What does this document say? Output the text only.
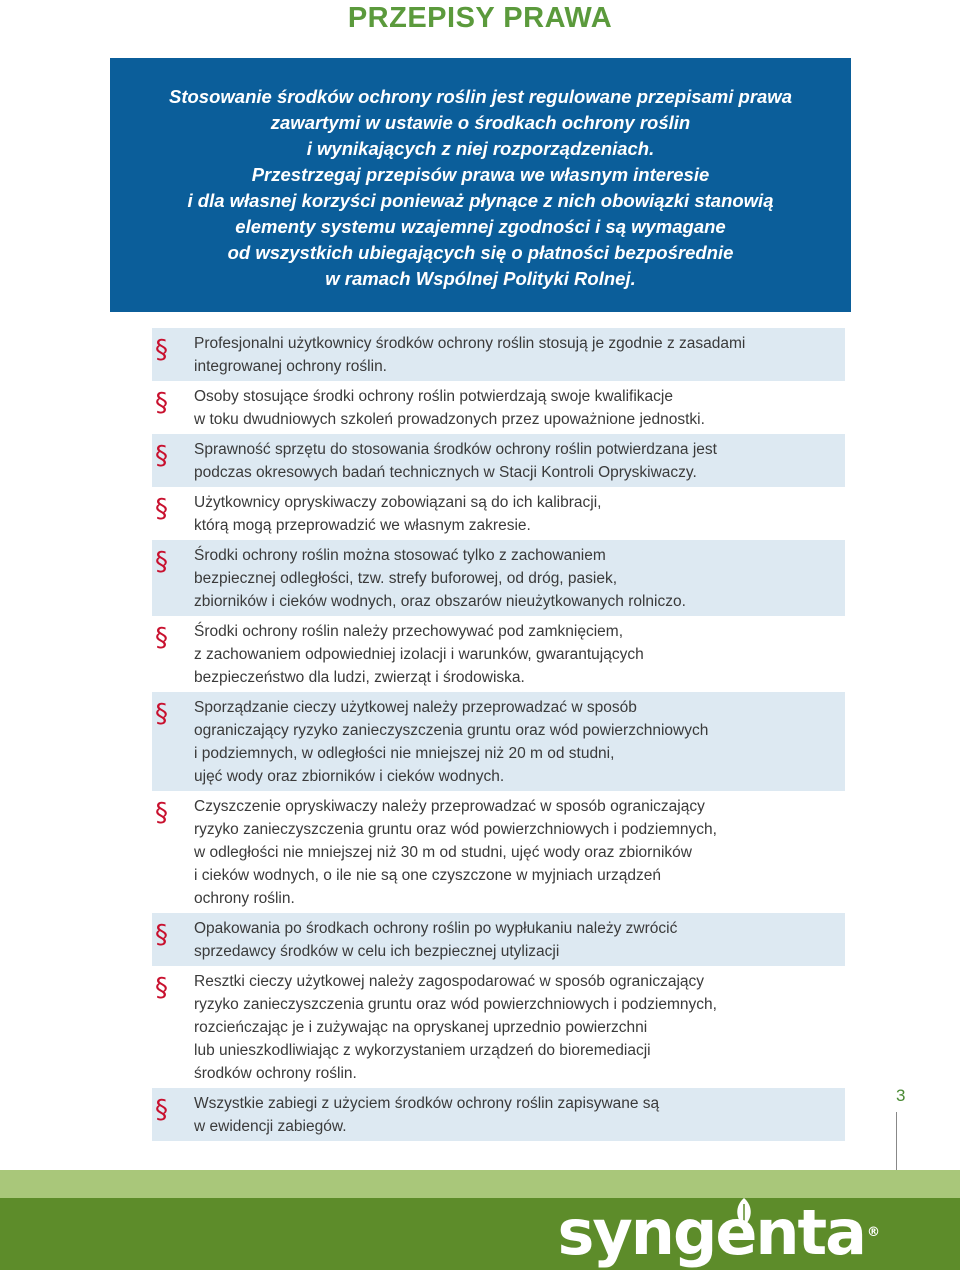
PRZEPISY PRAWA

Stosowanie środków ochrony roślin jest regulowane przepisami prawa

zawartymi w ustawie o środkach ochrony roślin

i wynikających z niej rozporządzeniach.

Przestrzegaj przepisów prawa we własnym interesie

i dla własnej korzyści ponieważ płynące z nich obowiązki stanowią

elementy systemu wzajemnej zgodności i są wymagane

od wszystkich ubiegających się o płatności bezpośrednie

w ramach Wspólnej Polityki Rolnej.

§ Profesjonalni użytkownicy środków ochrony roślin stosują je zgodnie z zasadami
integrowanej ochrony roślin.
§ Osoby stosujące środki ochrony roślin potwierdzają swoje kwalifikacje
w toku dwudniowych szkoleń prowadzonych przez upoważnione jednostki.
§ Sprawność sprzętu do stosowania środków ochrony roślin potwierdzana jest
podczas okresowych badań technicznych w Stacji Kontroli Opryskiwaczy.
§ Użytkownicy opryskiwaczy zobowiązani są do ich kalibracji,
którą mogą przeprowadzić we własnym zakresie.
§ Środki ochrony roślin można stosować tylko z zachowaniem
bezpiecznej odległości, tzw. strefy buforowej, od dróg, pasiek,
zbiorników i cieków wodnych, oraz obszarów nieużytkowanych rolniczo.
§ Środki ochrony roślin należy przechowywać pod zamknięciem,
z zachowaniem odpowiedniej izolacji i warunków, gwarantujących
bezpieczeństwo dla ludzi, zwierząt i środowiska.
§ Sporządzanie cieczy użytkowej należy przeprowadzać w sposób
ograniczający ryzyko zanieczyszczenia gruntu oraz wód powierzchniowych
i podziemnych, w odległości nie mniejszej niż 20 m od studni,
ujęć wody oraz zbiorników i cieków wodnych.
§ Czyszczenie opryskiwaczy należy przeprowadzać w sposób ograniczający
ryzyko zanieczyszczenia gruntu oraz wód powierzchniowych i podziemnych,
w odległości nie mniejszej niż 30 m od studni, ujęć wody oraz zbiorników
i cieków wodnych, o ile nie są one czyszczone w myjniach urządzeń
ochrony roślin.
§ Opakowania po środkach ochrony roślin po wypłukaniu należy zwrócić
sprzedawcy środków w celu ich bezpiecznej utylizacji
§ Resztki cieczy użytkowej należy zagospodarować w sposób ograniczający
ryzyko zanieczyszczenia gruntu oraz wód powierzchniowych i podziemnych,
rozcieńczając je i zużywając na opryskanej uprzednio powierzchni
lub unieszkodliwiając z wykorzystaniem urządzeń do bioremediacji
środków ochrony roślin.
§ Wszystkie zabiegi z użyciem środków ochrony roślin zapisywane są
w ewidencji zabiegów.
3
syngenta ®
